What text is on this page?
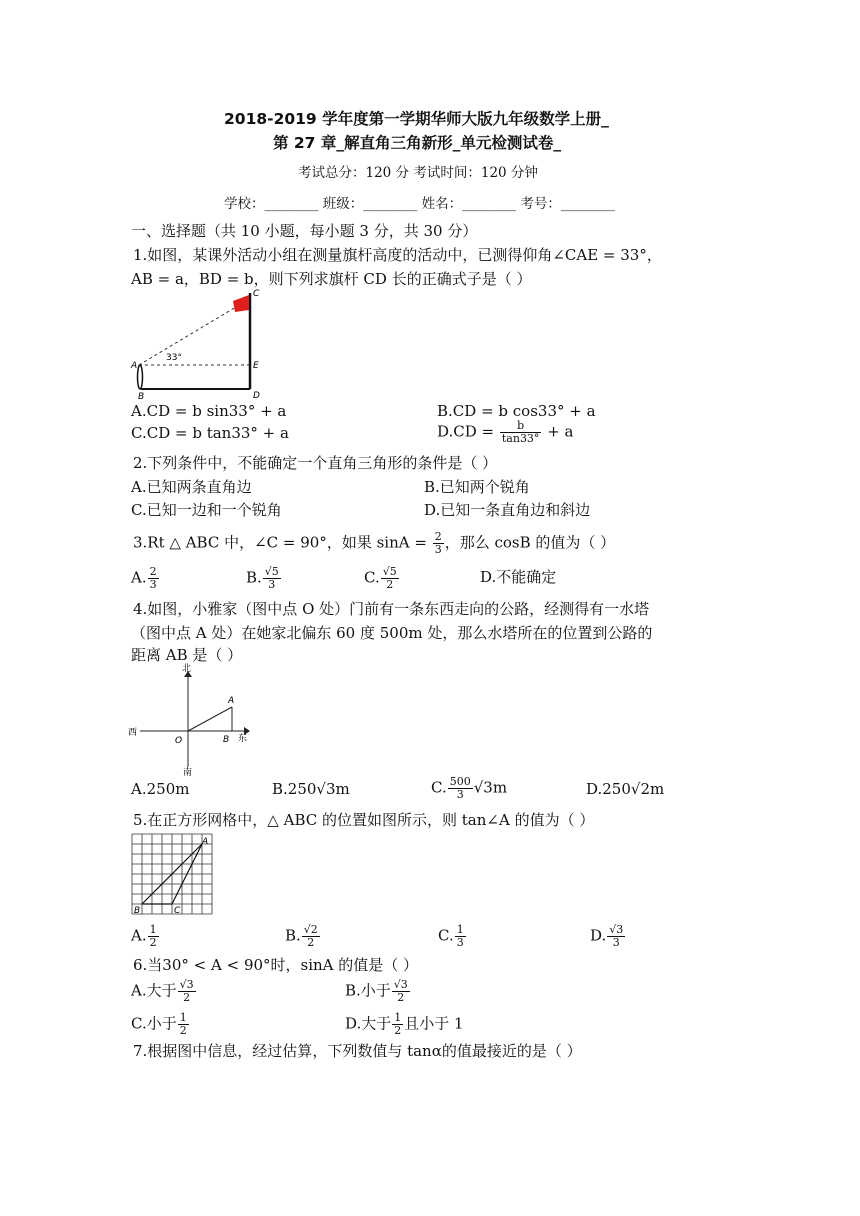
2018-2019 学年度第一学期华师大版九年级数学上册_
第 27 章_解直角三角新形_单元检测试卷_
考试总分：120 分 考试时间：120 分钟
学校：________ 班级：________ 姓名：________ 考号：________
一、选择题（共 10 小题，每小题 3 分，共 30 分）
1.如图，某课外活动小组在测量旗杆高度的活动中，已测得仰角∠CAE = 33°，
AB = a，BD = b，则下列求旗杆 CD 长的正确式子是（ ）
C
A	E
B	D
33°
A.CD = b sin33° + a	B.CD = b cos33° + a
C.CD = b tan33° + a	$D.CD = \frac{b}{\tan 33^\circ} + a$
2.下列条件中，不能确定一个直角三角形的条件是（ ）
A.已知两条直角边	B.已知两个锐角
C.已知一边和一个锐角	D.已知一条直角边和斜边
3.Rt △ ABC 中，∠C = 90°，如果 $\sin A = \frac{2}{3}$ ，那么 cosB 的值为（ ）
A. $\frac{2}{3}$	B. $\frac{√5}{3}$	C. $\frac{√5}{2}$	D.不能确定
4.如图，小雅家（图中点 O 处）门前有一条东西走向的公路，经测得有一水塔
（图中点 A 处）在她家北偏东 60 度 500m 处，那么水塔所在的位置到公路的
距离 AB 是（ ）
北
西
东
南
O
A
B
A.250m	B.250√3m	C. $\frac{500}{3} √3m$	D.250√2m
5.在正方形网格中，△ ABC 的位置如图所示，则 tan∠A 的值为（ ）
A
B	C
A. $\frac{1}{2}$	B. $\frac{√2}{2}$	C. $\frac{1}{3}$	D. $\frac{√3}{3}$
6.当30° < A < 90°时，sinA 的值是（ ）
A.大于 $\frac{√3}{2}$	B.小于 $\frac{√3}{2}$
C.小于 $\frac{1}{2}$	D.大于 $\frac{1}{2}$ 且小于 1
7.根据图中信息，经过估算，下列数值与 tanα的值最接近的是（ ）
